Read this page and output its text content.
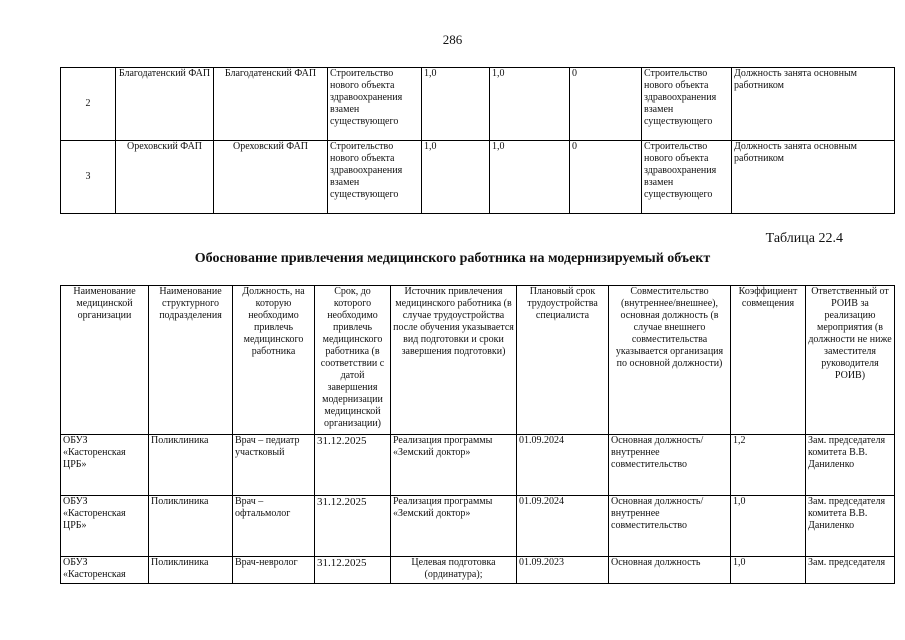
286
2	Благодатенский ФАП	Благодатенский ФАП	Строительство нового объекта здравоохранения взамен существующего	1,0	1,0	0	Строительство нового объекта здравоохранения взамен существующего	Должность занята основным работником
3	Ореховский ФАП	Ореховский ФАП	Строительство нового объекта здравоохранения взамен существующего	1,0	1,0	0	Строительство нового объекта здравоохранения взамен существующего	Должность занята основным работником
Таблица 22.4
Обоснование привлечения медицинского работника на модернизируемый объект
Наименование медицинской организации	Наименование структурного подразделения	Должность, на которую необходимо привлечь медицинского работника	Срок, до которого необходимо привлечь медицинского работника (в соответствии с датой завершения модернизации медицинской организации)	Источник привлечения медицинского работника (в случае трудоустройства после обучения указывается вид подготовки и сроки завершения подготовки)	Плановый срок трудоустройства специалиста	Совместительство (внутреннее/внешнее), основная должность (в случае внешнего совместительства указывается организация по основной должности)	Коэффициент совмещения	Ответственный от РОИВ за реализацию мероприятия (в должности не ниже заместителя руководителя РОИВ)
ОБУЗ «Касторенская ЦРБ»	Поликлиника	Врач – педиатр участковый	31.12.2025	Реализация программы «Земский доктор»	01.09.2024	Основная должность/внутреннее совместительство	1,2	Зам. председателя комитета В.В. Даниленко
ОБУЗ «Касторенская ЦРБ»	Поликлиника	Врач – офтальмолог	31.12.2025	Реализация программы «Земский доктор»	01.09.2024	Основная должность/внутреннее совместительство	1,0	Зам. председателя комитета В.В. Даниленко
ОБУЗ «Касторенская	Поликлиника	Врач-невролог	31.12.2025	Целевая подготовка (ординатура);	01.09.2023	Основная должность	1,0	Зам. председателя
